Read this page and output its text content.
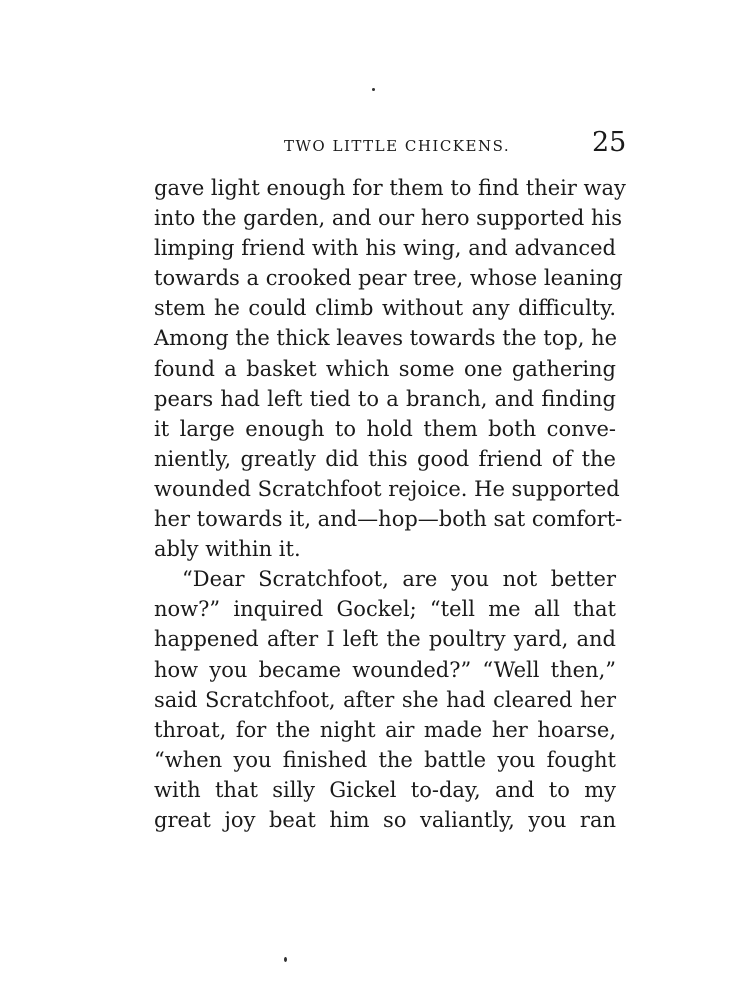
TWO LITTLE CHICKENS.	25
gave light enough for them to find their way
into the garden, and our hero supported his
limping friend with his wing, and advanced
towards a crooked pear tree, whose leaning
stem he could climb without any difficulty.
Among the thick leaves towards the top, he
found a basket which some one gathering
pears had left tied to a branch, and finding
it large enough to hold them both conve-
niently, greatly did this good friend of the
wounded Scratchfoot rejoice. He supported
her towards it, and—hop—both sat comfort-
ably within it.
“Dear Scratchfoot, are you not better
now?” inquired Gockel; “tell me all that
happened after I left the poultry yard, and
how you became wounded?” “Well then,”
said Scratchfoot, after she had cleared her
throat, for the night air made her hoarse,
“when you finished the battle you fought
with that silly Gickel to-day, and to my
great joy beat him so valiantly, you ran
